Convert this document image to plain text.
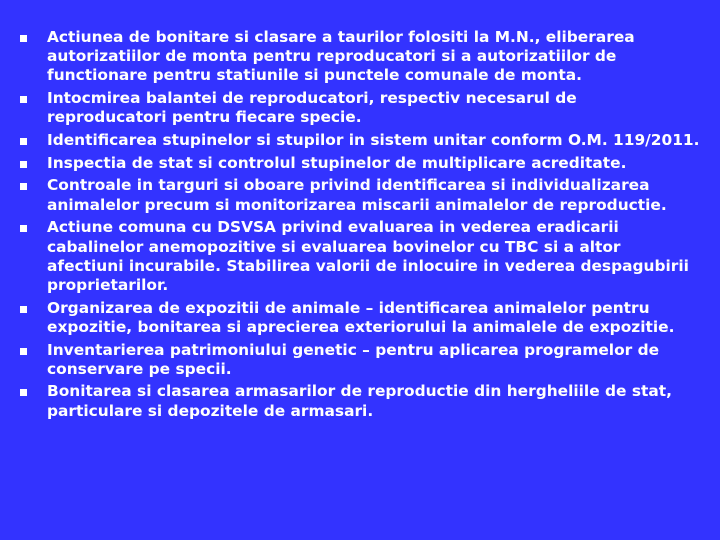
Actiunea de bonitare si clasare a taurilor folositi la M.N., eliberarea autorizatiilor de monta pentru reproducatori si a autorizatiilor de functionare pentru statiunile si punctele comunale de monta.
Intocmirea balantei de reproducatori, respectiv necesarul de reproducatori pentru fiecare specie.
Identificarea stupinelor si stupilor in sistem unitar conform O.M. 119/2011.
Inspectia de stat si controlul stupinelor de multiplicare acreditate.
Controale in targuri si oboare privind identificarea si individualizarea animalelor precum si monitorizarea miscarii animalelor de reproductie.
Actiune comuna cu DSVSA privind evaluarea in vederea eradicarii cabalinelor anemopozitive si evaluarea bovinelor cu TBC si a altor afectiuni incurabile. Stabilirea valorii de inlocuire in vederea despagubirii proprietarilor.
Organizarea de expozitii de animale – identificarea animalelor pentru expozitie, bonitarea si aprecierea exteriorului la animalele de expozitie.
Inventarierea patrimoniului genetic – pentru aplicarea programelor de conservare pe specii.
Bonitarea si clasarea armasarilor de reproductie din hergheliile de stat, particulare si depozitele de armasari.
